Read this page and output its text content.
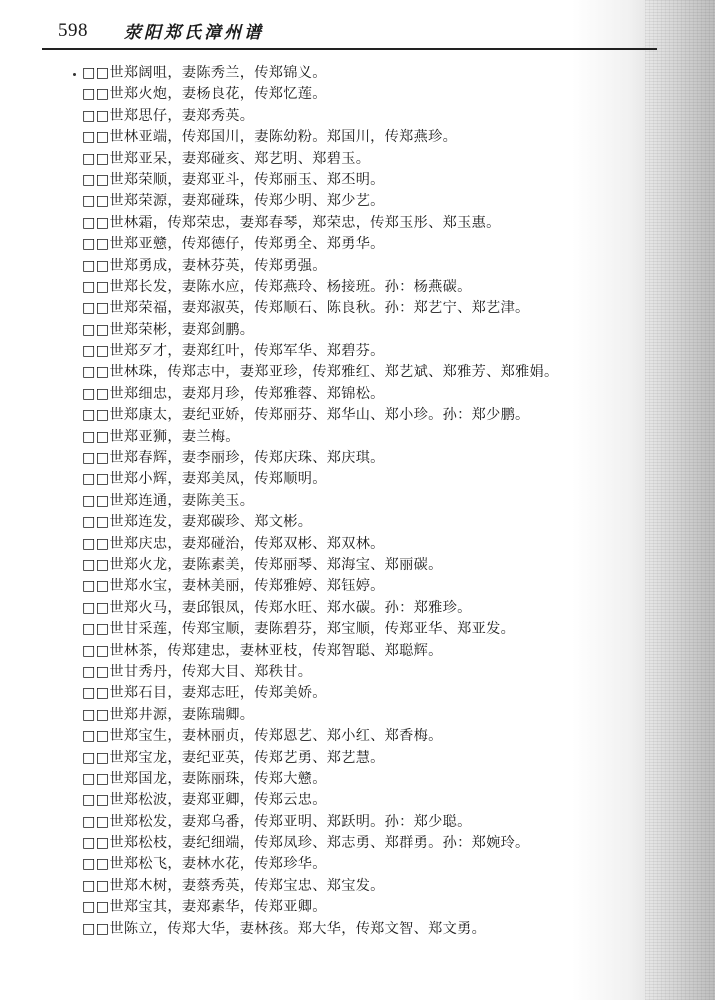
598 荥阳郑氏漳州谱
□□世郑阔咀，妻陈秀兰，传郑锦义。
□□世郑火炮，妻杨良花，传郑忆莲。
□□世郑思仔，妻郑秀英。
□□世林亚端，传郑国川，妻陈幼粉。郑国川，传郑燕珍。
□□世郑亚呆，妻郑碰亥、郑艺明、郑碧玉。
□□世郑荣顺，妻郑亚斗，传郑丽玉、郑丕明。
□□世郑荣源，妻郑碰珠，传郑少明、郑少艺。
□□世林霜，传郑荣忠，妻郑春琴，郑荣忠，传郑玉彤、郑玉惠。
□□世郑亚戆，传郑德仔，传郑勇全、郑勇华。
□□世郑勇成，妻林芬英，传郑勇强。
□□世郑长发，妻陈水应，传郑燕玲、杨接班。孙：杨燕碳。
□□世郑荣福，妻郑淑英，传郑顺石、陈良秋。孙：郑艺宁、郑艺津。
□□世郑荣彬，妻郑剑鹏。
□□世郑歹才，妻郑红叶，传郑军华、郑碧芬。
□□世林珠，传郑志中，妻郑亚珍，传郑雅红、郑艺斌、郑雅芳、郑雅娟。
□□世郑细忠，妻郑月珍，传郑雅蓉、郑锦松。
□□世郑康太，妻纪亚娇，传郑丽芬、郑华山、郑小珍。孙：郑少鹏。
□□世郑亚狮，妻兰梅。
□□世郑春辉，妻李丽珍，传郑庆珠、郑庆琪。
□□世郑小辉，妻郑美凤，传郑顺明。
□□世郑连通，妻陈美玉。
□□世郑连发，妻郑碳珍、郑文彬。
□□世郑庆忠，妻郑碰治，传郑双彬、郑双林。
□□世郑火龙，妻陈素美，传郑丽琴、郑海宝、郑丽碳。
□□世郑水宝，妻林美丽，传郑雅婷、郑钰婷。
□□世郑火马，妻邱银凤，传郑水旺、郑水碳。孙：郑雅珍。
□□世甘采莲，传郑宝顺，妻陈碧芬，郑宝顺，传郑亚华、郑亚发。
□□世林茶，传郑建忠，妻林亚枝，传郑智聪、郑聪辉。
□□世甘秀丹，传郑大目、郑秩甘。
□□世郑石目，妻郑志旺，传郑美娇。
□□世郑井源，妻陈瑞卿。
□□世郑宝生，妻林丽贞，传郑恩艺、郑小红、郑香梅。
□□世郑宝龙，妻纪亚英，传郑艺勇、郑艺慧。
□□世郑国龙，妻陈丽珠，传郑大戆。
□□世郑松波，妻郑亚卿，传郑云忠。
□□世郑松发，妻郑乌番，传郑亚明、郑跃明。孙：郑少聪。
□□世郑松枝，妻纪细端，传郑凤珍、郑志勇、郑群勇。孙：郑婉玲。
□□世郑松飞，妻林水花，传郑珍华。
□□世郑木树，妻蔡秀英，传郑宝忠、郑宝发。
□□世郑宝其，妻郑素华，传郑亚卿。
□□世陈立，传郑大华，妻林孩。郑大华，传郑文智、郑文勇。
